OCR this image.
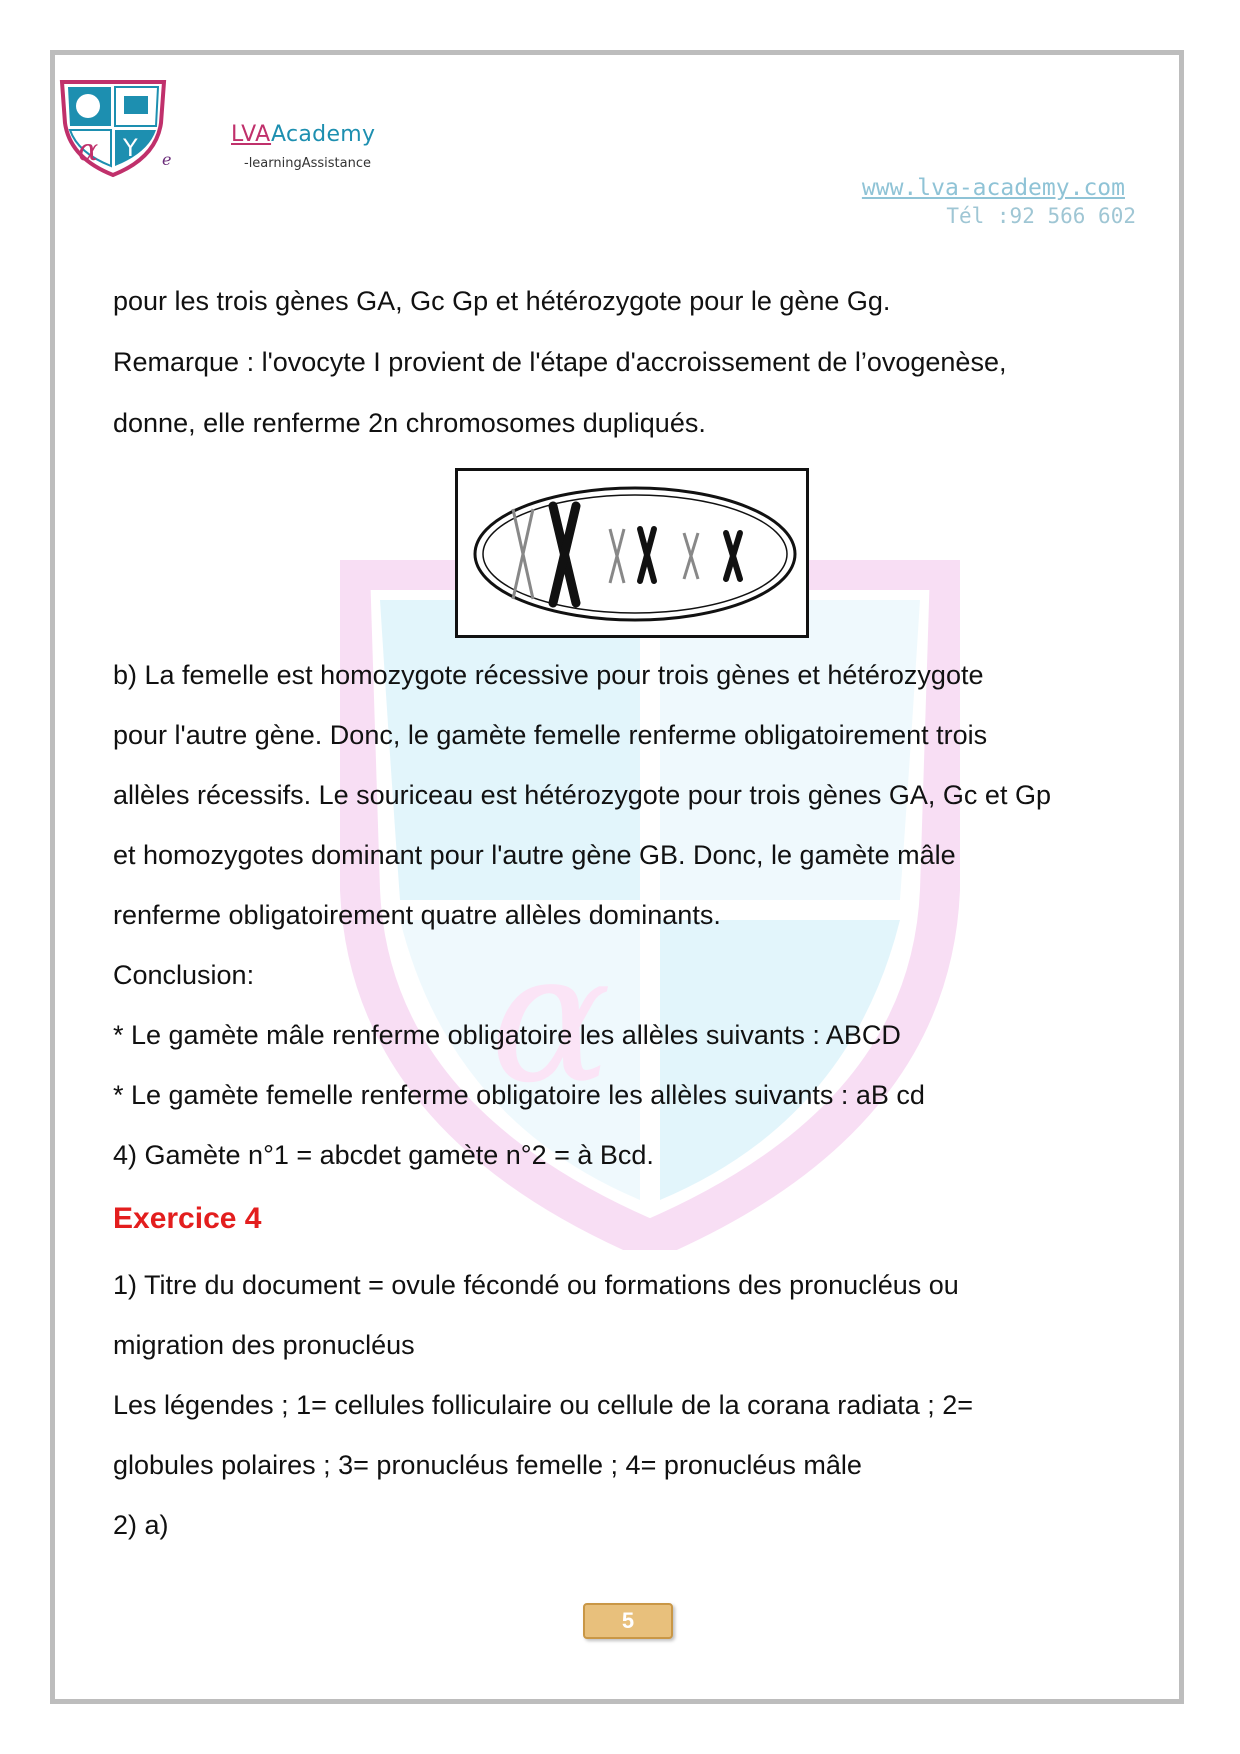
α
α Y e
LVAAcademy
-learningAssistance
www.lva-academy.com
Tél :92 566 602
pour les trois gènes GA, Gc Gp et hétérozygote pour le gène Gg.
Remarque : l'ovocyte I provient de l'étape d'accroissement de l’ovogenèse,
donne, elle renferme 2n chromosomes dupliqués.
b) La femelle est homozygote récessive pour trois gènes et hétérozygote
pour l'autre gène. Donc, le gamète femelle renferme obligatoirement trois
allèles récessifs. Le souriceau est hétérozygote pour trois gènes GA, Gc et Gp
et homozygotes dominant pour l'autre gène GB. Donc, le gamète mâle
renferme obligatoirement quatre allèles dominants.
Conclusion:
* Le gamète mâle renferme obligatoire les allèles suivants : ABCD
* Le gamète femelle renferme obligatoire les allèles suivants : aB cd
4) Gamète n°1 = abcdet gamète n°2 = à Bcd.
Exercice 4
1) Titre du document = ovule fécondé ou formations des pronucléus ou
migration des pronucléus
Les légendes ; 1= cellules folliculaire ou cellule de la corana radiata ; 2=
globules polaires ; 3= pronucléus femelle ; 4= pronucléus mâle
2) a)
5
